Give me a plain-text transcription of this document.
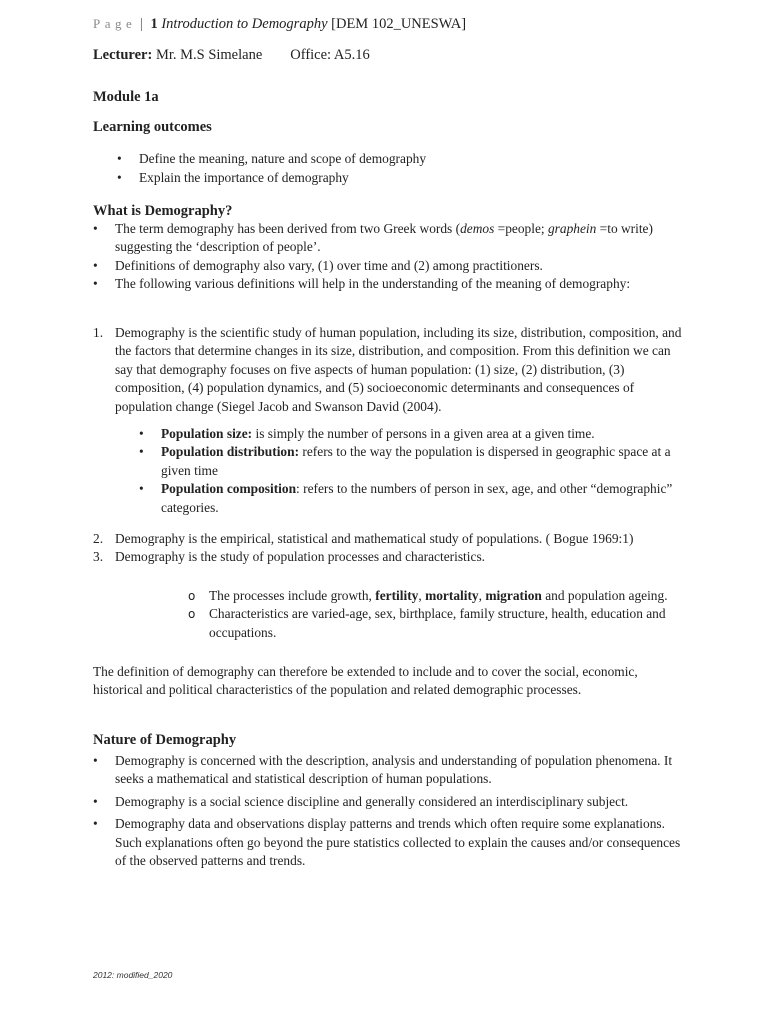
Page | 1 Introduction to Demography [DEM 102_UNESWA]
Lecturer: Mr. M.S Simelane Office: A5.16
Module 1a
Learning outcomes
• Define the meaning, nature and scope of demography
• Explain the importance of demography
What is Demography?
• The term demography has been derived from two Greek words (demos =people; graphein =to write) suggesting the ‘description of people’.
• Definitions of demography also vary, (1) over time and (2) among practitioners.
• The following various definitions will help in the understanding of the meaning of demography:
1. Demography is the scientific study of human population, including its size, distribution, composition, and the factors that determine changes in its size, distribution, and composition. From this definition we can say that demography focuses on five aspects of human population: (1) size, (2) distribution, (3) composition, (4) population dynamics, and (5) socioeconomic determinants and consequences of population change (Siegel Jacob and Swanson David (2004).
• Population size: is simply the number of persons in a given area at a given time.
• Population distribution: refers to the way the population is dispersed in geographic space at a given time
• Population composition: refers to the numbers of person in sex, age, and other “demographic” categories.
2. Demography is the empirical, statistical and mathematical study of populations. ( Bogue 1969:1)
3. Demography is the study of population processes and characteristics.
o The processes include growth, fertility, mortality, migration and population ageing.
o Characteristics are varied-age, sex, birthplace, family structure, health, education and occupations.

The definition of demography can therefore be extended to include and to cover the social, economic, historical and political characteristics of the population and related demographic processes.

Nature of Demography
• Demography is concerned with the description, analysis and understanding of population phenomena. It seeks a mathematical and statistical description of human populations.
• Demography is a social science discipline and generally considered an interdisciplinary subject.
• Demography data and observations display patterns and trends which often require some explanations. Such explanations often go beyond the pure statistics collected to explain the causes and/or consequences of the observed patterns and trends.
2012: modified_2020
